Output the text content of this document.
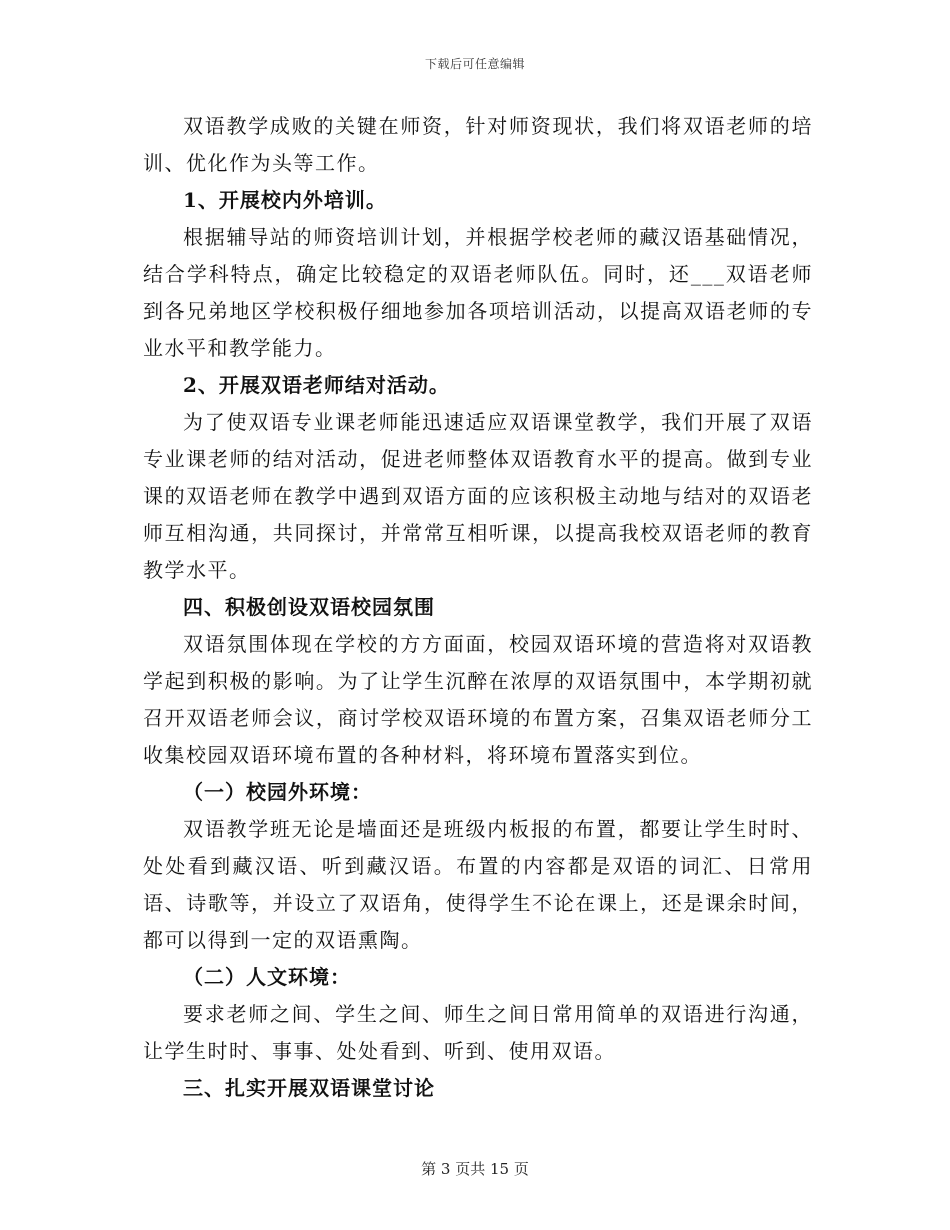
下载后可任意编辑

双语教学成败的关键在师资，针对师资现状，我们将双语老师的培训、优化作为头等工作。

1、开展校内外培训。

根据辅导站的师资培训计划，并根据学校老师的藏汉语基础情况，结合学科特点，确定比较稳定的双语老师队伍。同时，还___双语老师到各兄弟地区学校积极仔细地参加各项培训活动，以提高双语老师的专业水平和教学能力。

2、开展双语老师结对活动。

为了使双语专业课老师能迅速适应双语课堂教学，我们开展了双语专业课老师的结对活动，促进老师整体双语教育水平的提高。做到专业课的双语老师在教学中遇到双语方面的应该积极主动地与结对的双语老师互相沟通，共同探讨，并常常互相听课，以提高我校双语老师的教育教学水平。

四、积极创设双语校园氛围

双语氛围体现在学校的方方面面，校园双语环境的营造将对双语教学起到积极的影响。为了让学生沉醉在浓厚的双语氛围中，本学期初就召开双语老师会议，商讨学校双语环境的布置方案，召集双语老师分工收集校园双语环境布置的各种材料，将环境布置落实到位。

（一）校园外环境：

双语教学班无论是墙面还是班级内板报的布置，都要让学生时时、处处看到藏汉语、听到藏汉语。布置的内容都是双语的词汇、日常用语、诗歌等，并设立了双语角，使得学生不论在课上，还是课余时间，都可以得到一定的双语熏陶。

（二）人文环境：

要求老师之间、学生之间、师生之间日常用简单的双语进行沟通，让学生时时、事事、处处看到、听到、使用双语。

三、扎实开展双语课堂讨论

第 3 页共 15 页
